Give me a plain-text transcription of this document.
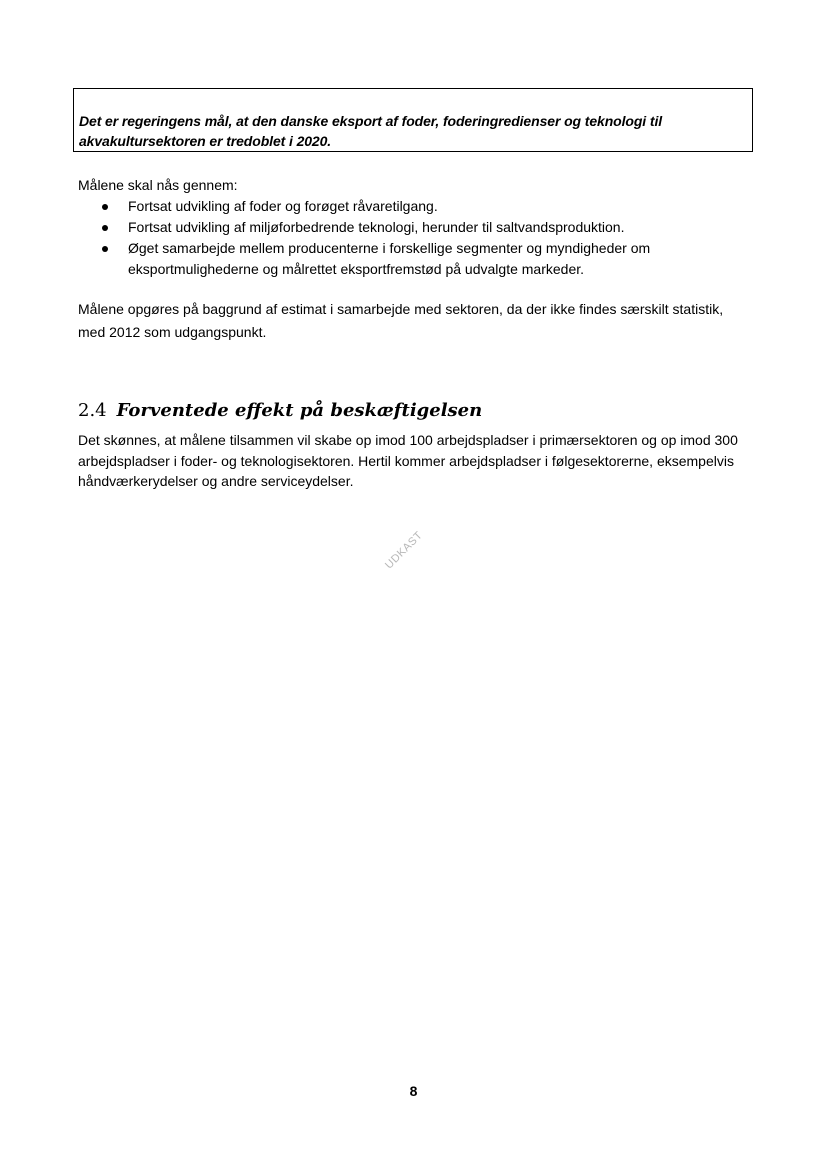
Det er regeringens mål, at den danske eksport af foder, foderingredienser og teknologi til akvakultursektoren er tredoblet i 2020.
Målene skal nås gennem:
Fortsat udvikling af foder og forøget råvaretilgang.
Fortsat udvikling af miljøforbedrende teknologi, herunder til saltvandsproduktion.
Øget samarbejde mellem producenterne i forskellige segmenter og myndigheder om eksportmulighederne og målrettet eksportfremstød på udvalgte markeder.
Målene opgøres på baggrund af estimat i samarbejde med sektoren, da der ikke findes særskilt statistik, med 2012 som udgangspunkt.
2.4 Forventede effekt på beskæftigelsen
Det skønnes, at målene tilsammen vil skabe op imod 100 arbejdspladser i primærsektoren og op imod 300 arbejdspladser i foder- og teknologisektoren. Hertil kommer arbejdspladser i følgesektorerne, eksempelvis håndværkerydelser og andre serviceydelser.
UDKAST
8
